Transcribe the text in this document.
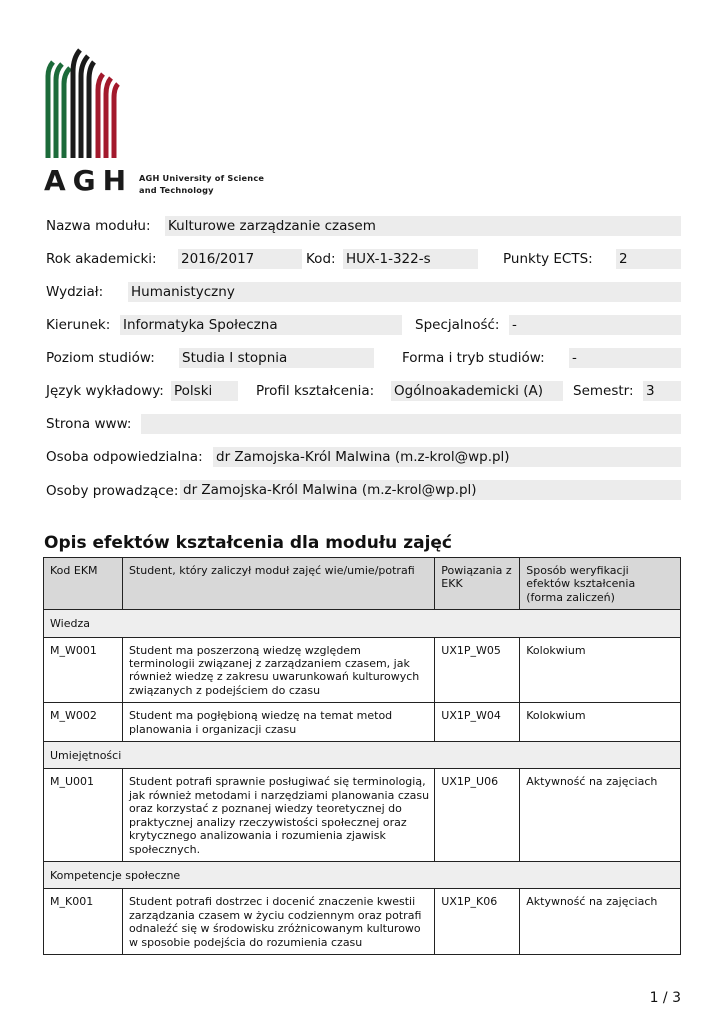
AGH AGH University of Science
and Technology
Nazwa modułu: Kulturowe zarządzanie czasem
Rok akademicki: 2016/2017	Kod: HUX-1-322-s	Punkty ECTS: 2
Wydział: Humanistyczny
Kierunek: Informatyka Społeczna	Specjalność: -
Poziom studiów: Studia I stopnia	Forma i tryb studiów: -
Język wykładowy: Polski	Profil kształcenia: Ogólnoakademicki (A)	Semestr: 3
Strona www:
Osoba odpowiedzialna: dr Zamojska-Król Malwina (m.z-krol@wp.pl)
Osoby prowadzące: dr Zamojska-Król Malwina (m.z-krol@wp.pl)
Opis efektów kształcenia dla modułu zajęć
Kod EKM	Student, który zaliczył moduł zajęć wie/umie/potrafi	Powiązania z EKK	Sposób weryfikacji efektów kształcenia (forma zaliczeń)
Wiedza			
M_W001	Student ma poszerzoną wiedzę względem terminologii związanej z zarządzaniem czasem, jak również wiedzę z zakresu uwarunkowań kulturowych związanych z podejściem do czasu	UX1P_W05	Kolokwium
M_W002	Student ma pogłębioną wiedzę na temat metod planowania i organizacji czasu	UX1P_W04	Kolokwium
Umiejętności			
M_U001	Student potrafi sprawnie posługiwać się terminologią, jak również metodami i narzędziami planowania czasu oraz korzystać z poznanej wiedzy teoretycznej do praktycznej analizy rzeczywistości społecznej oraz krytycznego analizowania i rozumienia zjawisk społecznych.	UX1P_U06	Aktywność na zajęciach
Kompetencje społeczne			
M_K001	Student potrafi dostrzec i docenić znaczenie kwestii zarządzania czasem w życiu codziennym oraz potrafi odnaleźć się w środowisku zróżnicowanym kulturowo w sposobie podejścia do rozumienia czasu	UX1P_K06	Aktywność na zajęciach
1 / 3
